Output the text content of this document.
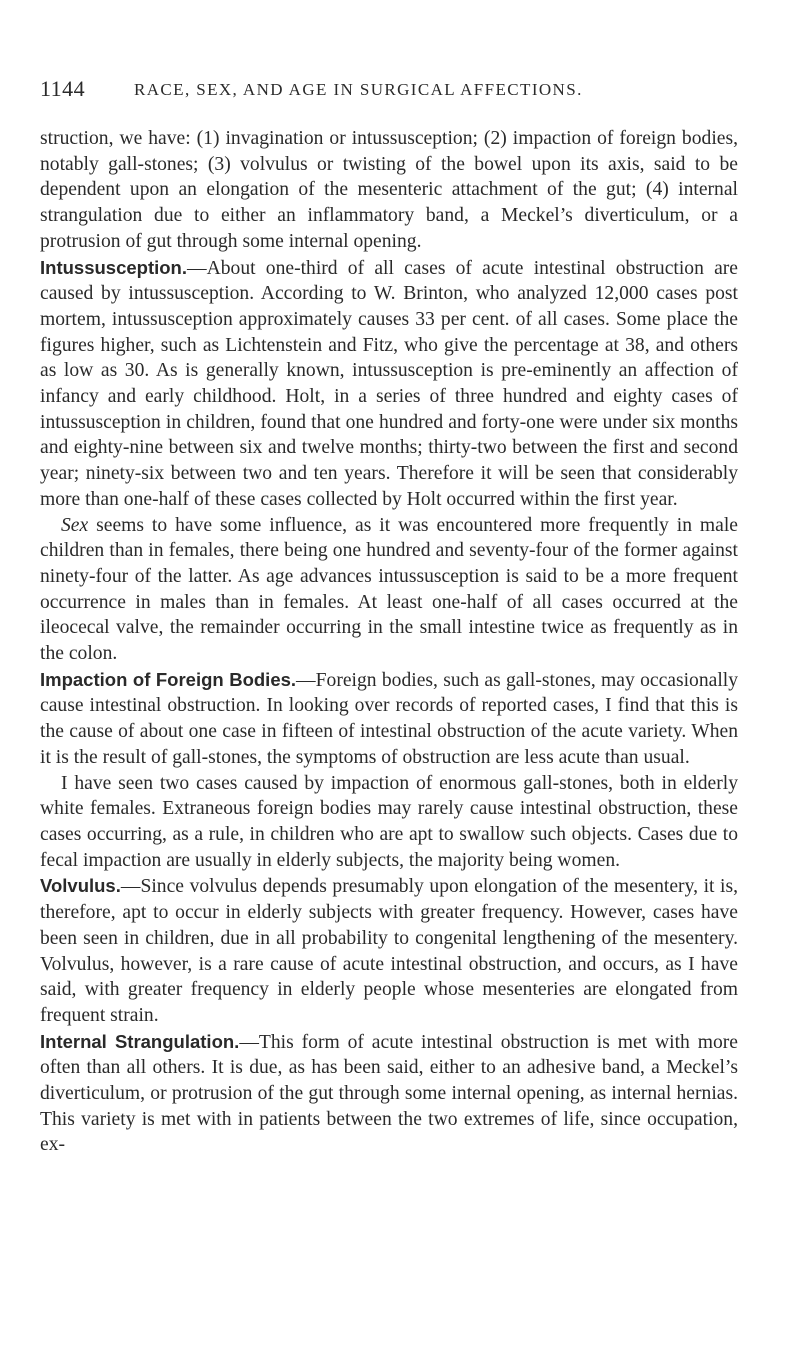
1144	RACE, SEX, AND AGE IN SURGICAL AFFECTIONS.

struction, we have: (1) invagination or intussusception; (2) impaction of foreign bodies, notably gall-stones; (3) volvulus or twisting of the bowel upon its axis, said to be dependent upon an elongation of the mesenteric attachment of the gut; (4) internal strangulation due to either an inflammatory band, a Meckel’s diverticulum, or a protrusion of gut through some internal opening.

Intussusception.—About one-third of all cases of acute intestinal obstruction are caused by intussusception. According to W. Brinton, who analyzed 12,000 cases post mortem, intussusception approximately causes 33 per cent. of all cases. Some place the figures higher, such as Lichtenstein and Fitz, who give the percentage at 38, and others as low as 30. As is generally known, intussusception is pre-eminently an affection of infancy and early childhood. Holt, in a series of three hundred and eighty cases of intussusception in children, found that one hundred and forty-one were under six months and eighty-nine between six and twelve months; thirty-two between the first and second year; ninety-six between two and ten years. Therefore it will be seen that considerably more than one-half of these cases collected by Holt occurred within the first year.

Sex seems to have some influence, as it was encountered more frequently in male children than in females, there being one hundred and seventy-four of the former against ninety-four of the latter. As age advances intussusception is said to be a more frequent occurrence in males than in females. At least one-half of all cases occurred at the ileocecal valve, the remainder occurring in the small intestine twice as frequently as in the colon.

Impaction of Foreign Bodies.—Foreign bodies, such as gall-stones, may occasionally cause intestinal obstruction. In looking over records of reported cases, I find that this is the cause of about one case in fifteen of intestinal obstruction of the acute variety. When it is the result of gall-stones, the symptoms of obstruction are less acute than usual.

I have seen two cases caused by impaction of enormous gall-stones, both in elderly white females. Extraneous foreign bodies may rarely cause intestinal obstruction, these cases occurring, as a rule, in children who are apt to swallow such objects. Cases due to fecal impaction are usually in elderly subjects, the majority being women.

Volvulus.—Since volvulus depends presumably upon elongation of the mesentery, it is, therefore, apt to occur in elderly subjects with greater frequency. However, cases have been seen in children, due in all probability to congenital lengthening of the mesentery. Volvulus, however, is a rare cause of acute intestinal obstruction, and occurs, as I have said, with greater frequency in elderly people whose mesenteries are elongated from frequent strain.

Internal Strangulation.—This form of acute intestinal obstruction is met with more often than all others. It is due, as has been said, either to an adhesive band, a Meckel’s diverticulum, or protrusion of the gut through some internal opening, as internal hernias. This variety is met with in patients between the two extremes of life, since occupation, ex-
